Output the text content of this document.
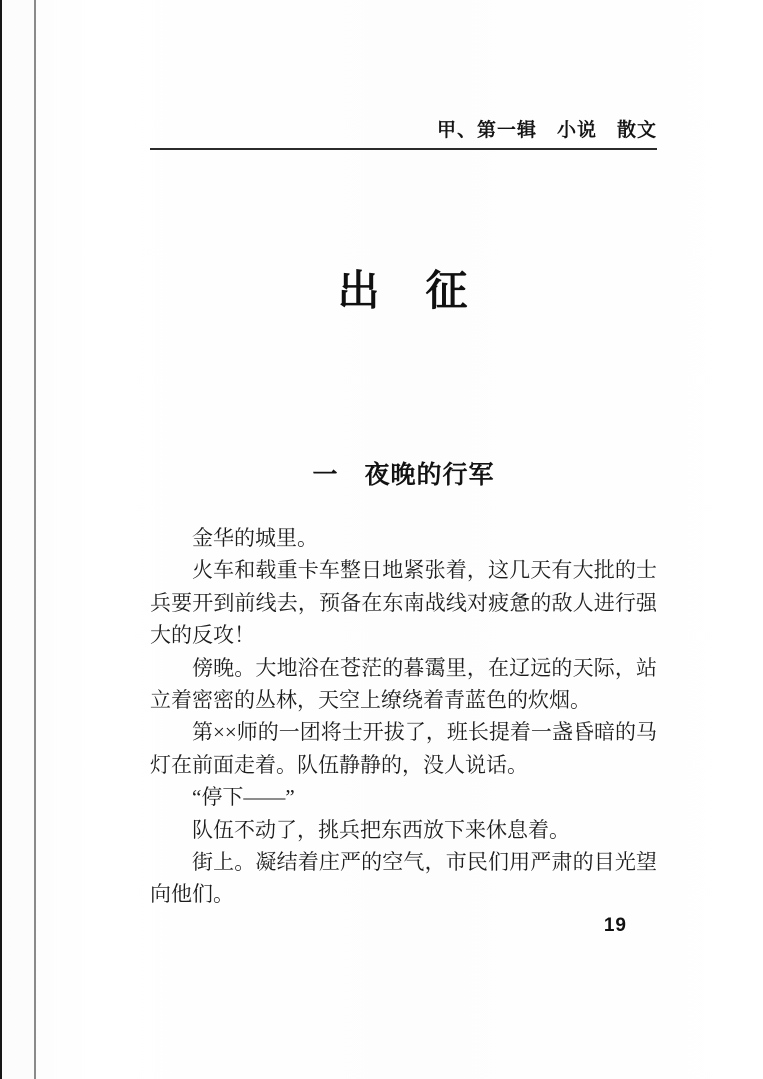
甲、第一辑　小说　散文
出　征
一　夜晚的行军

金华的城里。

火车和载重卡车整日地紧张着，这几天有大批的士兵要开到前线去，预备在东南战线对疲惫的敌人进行强大的反攻！

傍晚。大地浴在苍茫的暮霭里，在辽远的天际，站立着密密的丛林，天空上缭绕着青蓝色的炊烟。

第××师的一团将士开拔了，班长提着一盏昏暗的马灯在前面走着。队伍静静的，没人说话。

“停下——”

队伍不动了，挑兵把东西放下来休息着。

街上。凝结着庄严的空气，市民们用严肃的目光望向他们。

19
